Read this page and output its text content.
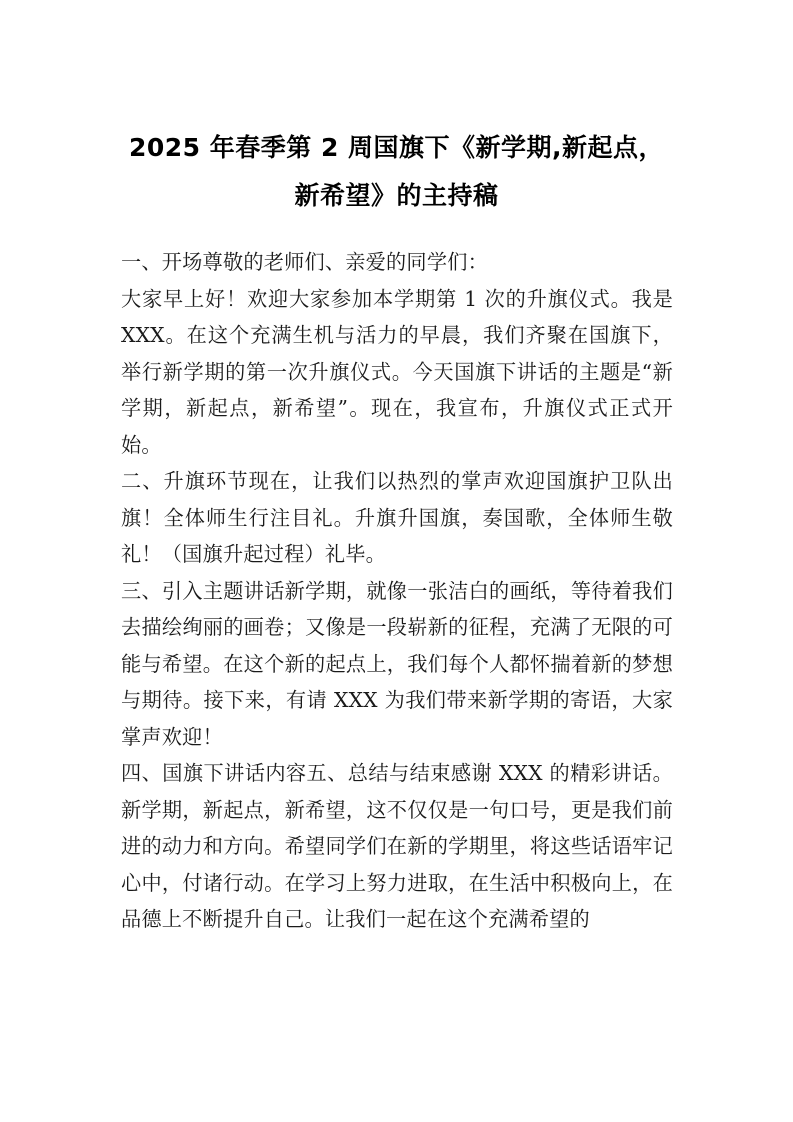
2025 年春季第 2 周国旗下《新学期,新起点，
新希望》的主持稿

一、开场尊敬的老师们、亲爱的同学们：

大家早上好！欢迎大家参加本学期第 1 次的升旗仪式。我是 XXX。在这个充满生机与活力的早晨，我们齐聚在国旗下，举行新学期的第一次升旗仪式。今天国旗下讲话的主题是“新学期，新起点，新希望”。现在，我宣布，升旗仪式正式开始。

二、升旗环节现在，让我们以热烈的掌声欢迎国旗护卫队出旗！全体师生行注目礼。升旗升国旗，奏国歌，全体师生敬礼！（国旗升起过程）礼毕。

三、引入主题讲话新学期，就像一张洁白的画纸，等待着我们去描绘绚丽的画卷；又像是一段崭新的征程，充满了无限的可能与希望。在这个新的起点上，我们每个人都怀揣着新的梦想与期待。接下来，有请 XXX 为我们带来新学期的寄语，大家掌声欢迎！

四、国旗下讲话内容五、总结与结束感谢 XXX 的精彩讲话。新学期，新起点，新希望，这不仅仅是一句口号，更是我们前进的动力和方向。希望同学们在新的学期里，将这些话语牢记心中，付诸行动。在学习上努力进取，在生活中积极向上，在品德上不断提升自己。让我们一起在这个充满希望的
